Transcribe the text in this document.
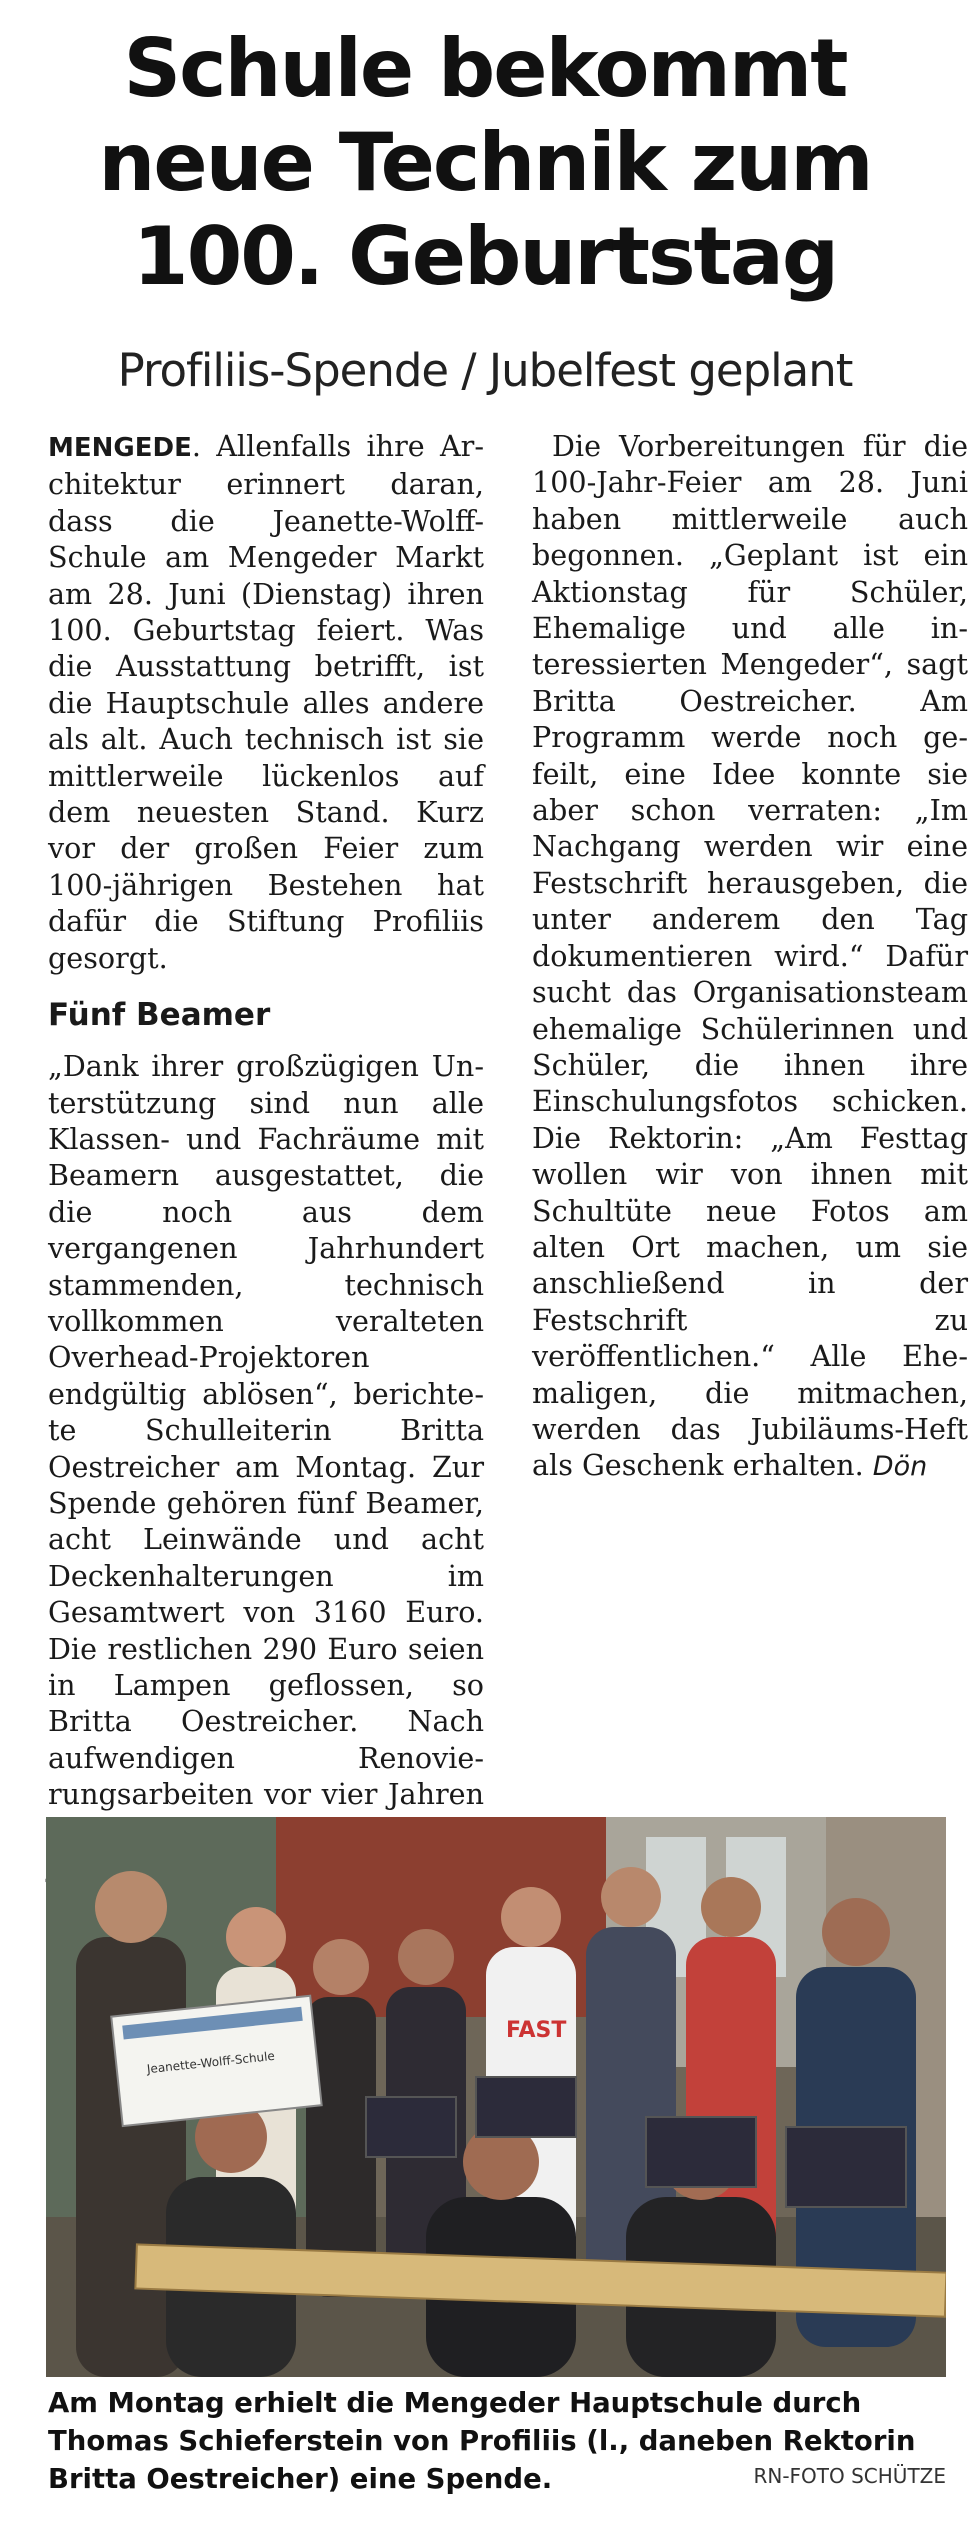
Schule bekommt
neue Technik zum
100. Geburtstag
Profiliis-Spende / Jubelfest geplant

MENGEDE. Allenfalls ihre Architektur erinnert daran, dass die Jeanette-Wolff-Schule am Mengeder Markt am 28. Juni (Dienstag) ihren 100. Geburtstag feiert. Was die Ausstattung betrifft, ist die Hauptschule alles andere als alt. Auch technisch ist sie mittlerweile lückenlos auf dem neuesten Stand. Kurz vor der großen Feier zum 100-jährigen Bestehen hat dafür die Stiftung Profiliis gesorgt.

Fünf Beamer

„Dank ihrer großzügigen Unterstützung sind nun alle Klassen- und Fachräume mit Beamern ausgestattet, die die noch aus dem vergangenen Jahrhundert stammenden, technisch vollkommen veralteten Overhead-Projektoren endgültig ablösen“, berichtete Schulleiterin Britta Oestreicher am Montag. Zur Spende gehören fünf Beamer, acht Leinwände und acht Deckenhalterungen im Gesamtwert von 3160 Euro. Die restlichen 290 Euro seien in Lampen geflossen, so Britta Oestreicher. Nach aufwendigen Renovierungsarbeiten vor vier Jahren

Die Vorbereitungen für die 100-Jahr-Feier am 28. Juni haben mittlerweile auch begonnen. „Geplant ist ein Aktionstag für Schüler, Ehemalige und alle interessierten Mengeder“, sagt Britta Oestreicher. Am Programm werde noch gefeilt, eine Idee konnte sie aber schon verraten: „Im Nachgang werden wir eine Festschrift herausgeben, die unter anderem den Tag dokumentieren wird.“ Dafür sucht das Organisationsteam ehemalige Schülerinnen und Schüler, die ihnen ihre Einschulungsfotos schicken. Die Rektorin: „Am Festtag wollen wir von ihnen mit Schultüte neue Fotos am alten Ort machen, um sie anschließend in der Festschrift zu veröffentlichen.“ Alle Ehemaligen, die mitmachen, werden das Jubiläums-Heft als Geschenk erhalten. Dön

Jeanette-Wolff-Schule
FAST
Am Montag erhielt die Mengeder Hauptschule durch Thomas Schieferstein von Profiliis (l., daneben Rektorin Britta Oestreicher) eine Spende.	RN-FOTO SCHÜTZE
